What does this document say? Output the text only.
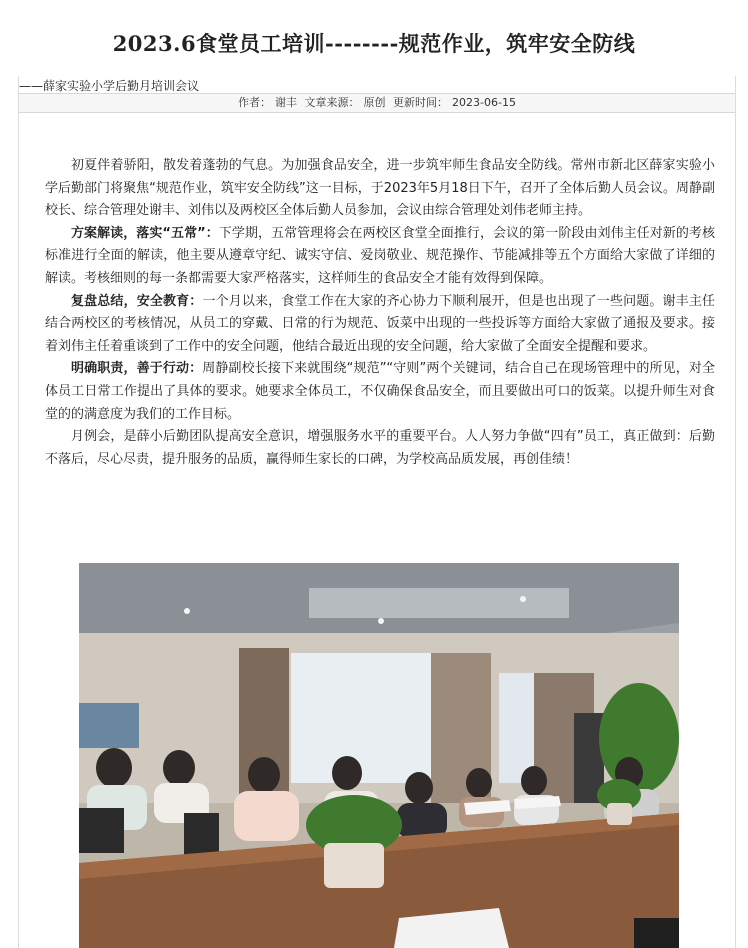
2023.6食堂员工培训--------规范作业，筑牢安全防线
——薛家实验小学后勤月培训会议
作者： 谢丰 文章来源： 原创 更新时间： 2023-06-15

初夏伴着骄阳，散发着蓬勃的气息。为加强食品安全，进一步筑牢师生食品安全防线。常州市新北区薛家实验小学后勤部门将聚焦“规范作业，筑牢安全防线”这一目标，于2023年5月18日下午，召开了全体后勤人员会议。周静副校长、综合管理处谢丰、刘伟以及两校区全体后勤人员参加，会议由综合管理处刘伟老师主持。

方案解读，落实“五常”：下学期，五常管理将会在两校区食堂全面推行，会议的第一阶段由刘伟主任对新的考核标准进行全面的解读，他主要从遵章守纪、诚实守信、爱岗敬业、规范操作、节能减排等五个方面给大家做了详细的解读。考核细则的每一条都需要大家严格落实，这样师生的食品安全才能有效得到保障。

复盘总结，安全教育：一个月以来，食堂工作在大家的齐心协力下顺利展开，但是也出现了一些问题。谢丰主任结合两校区的考核情况，从员工的穿戴、日常的行为规范、饭菜中出现的一些投诉等方面给大家做了通报及要求。接着刘伟主任着重谈到了工作中的安全问题，他结合最近出现的安全问题，给大家做了全面安全提醒和要求。

明确职责，善于行动：周静副校长接下来就围绕“规范”“守则”两个关键词，结合自己在现场管理中的所见，对全体员工日常工作提出了具体的要求。她要求全体员工，不仅确保食品安全，而且要做出可口的饭菜。以提升师生对食堂的的满意度为我们的工作目标。

月例会，是薛小后勤团队提高安全意识，增强服务水平的重要平台。人人努力争做“四有”员工，真正做到：后勤不落后，尽心尽责，提升服务的品质，赢得师生家长的口碑，为学校高品质发展，再创佳绩！
